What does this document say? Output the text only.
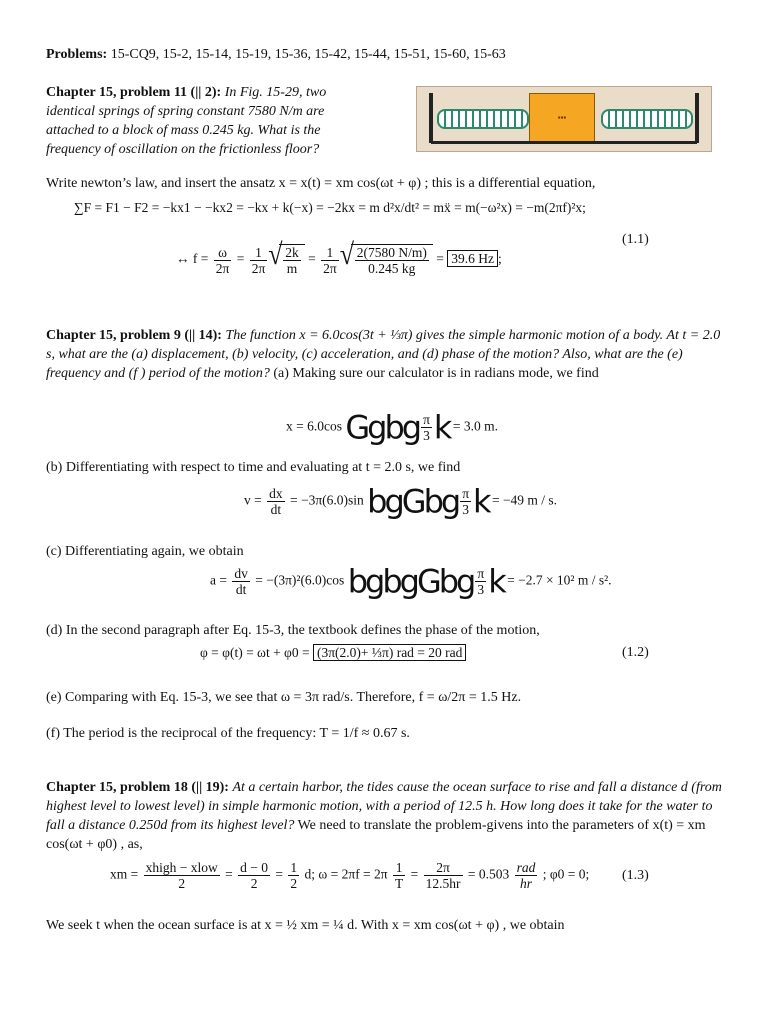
Problems: 15-CQ9, 15-2, 15-14, 15-19, 15-36, 15-42, 15-44, 15-51, 15-60, 15-63
Chapter 15, problem 11 (|| 2): In Fig. 15-29, two identical springs of spring constant 7580 N/m are attached to a block of mass 0.245 kg. What is the frequency of oscillation on the frictionless floor?
▪▪▪
Write newton’s law, and insert the ansatz x = x(t) = xm cos(ωt + φ) ; this is a differential equation,
∑F = F1 − F2 = −kx1 − −kx2 = −kx + k(−x) = −2kx = m d²x/dt² = mẍ = m(−ω²x) = −m(2πf)²x;
↔ $f = \frac{\omega}{2\pi} = \frac{1}{2\pi}$ √ $\frac{2k}{m} = \frac{1}{2\pi}$ √ $\frac{2(7580 N/m)}{0.245 kg} = 39.6$ Hz ;
(1.1)
Chapter 15, problem 9 (|| 14): The function x = 6.0cos(3t + ⅓π) gives the simple harmonic motion of a body. At t = 2.0 s, what are the (a) displacement, (b) velocity, (c) acceleration, and (d) phase of the motion? Also, what are the (e) frequency and (f ) period of the motion? (a) Making sure our calculator is in radians mode, we find
x = 6.0cos Ggbg $\frac{\pi}{3}$ k = 3.0 m.
(b) Differentiating with respect to time and evaluating at t = 2.0 s, we find
$v = \frac{dx}{dt} = -3\pi(6.0)\sin$ bgGbg $\frac{\pi}{3}$ k = −49 m / s.
(c) Differentiating again, we obtain
$a = \frac{dv}{dt} = -(3\pi)^2(6.0)\cos$ bgbgGbg $\frac{\pi}{3}$ k = −2.7 × 10² m / s².
(d) In the second paragraph after Eq. 15-3, the textbook defines the phase of the motion,
φ = φ(t) = ωt + φ0 = (3π(2.0)+ ⅓π) rad = 20 rad	(1.2)
(e) Comparing with Eq. 15-3, we see that ω = 3π rad/s. Therefore, f = ω/2π = 1.5 Hz.
(f) The period is the reciprocal of the frequency: T = 1/f ≈ 0.67 s.
Chapter 15, problem 18 (|| 19): At a certain harbor, the tides cause the ocean surface to rise and fall a distance d (from highest level to lowest level) in simple harmonic motion, with a period of 12.5 h. How long does it take for the water to fall a distance 0.250d from its highest level? We need to translate the problem-givens into the parameters of x(t) = xm cos(ωt + φ0) , as,
xm = $\frac{\text{xhigh − xlow}}{2} = \frac{d - 0}{2} = \frac{1}{2} d$; $\omega = 2\pi f = 2\pi \frac{1}{T} = \frac{2\pi}{12.5hr} = 0.503 \frac{\text{rad}}{hr}$ ; φ0 = 0; (1.3)
We seek t when the ocean surface is at x = ½ xm = ¼ d. With x = xm cos(ωt + φ) , we obtain
